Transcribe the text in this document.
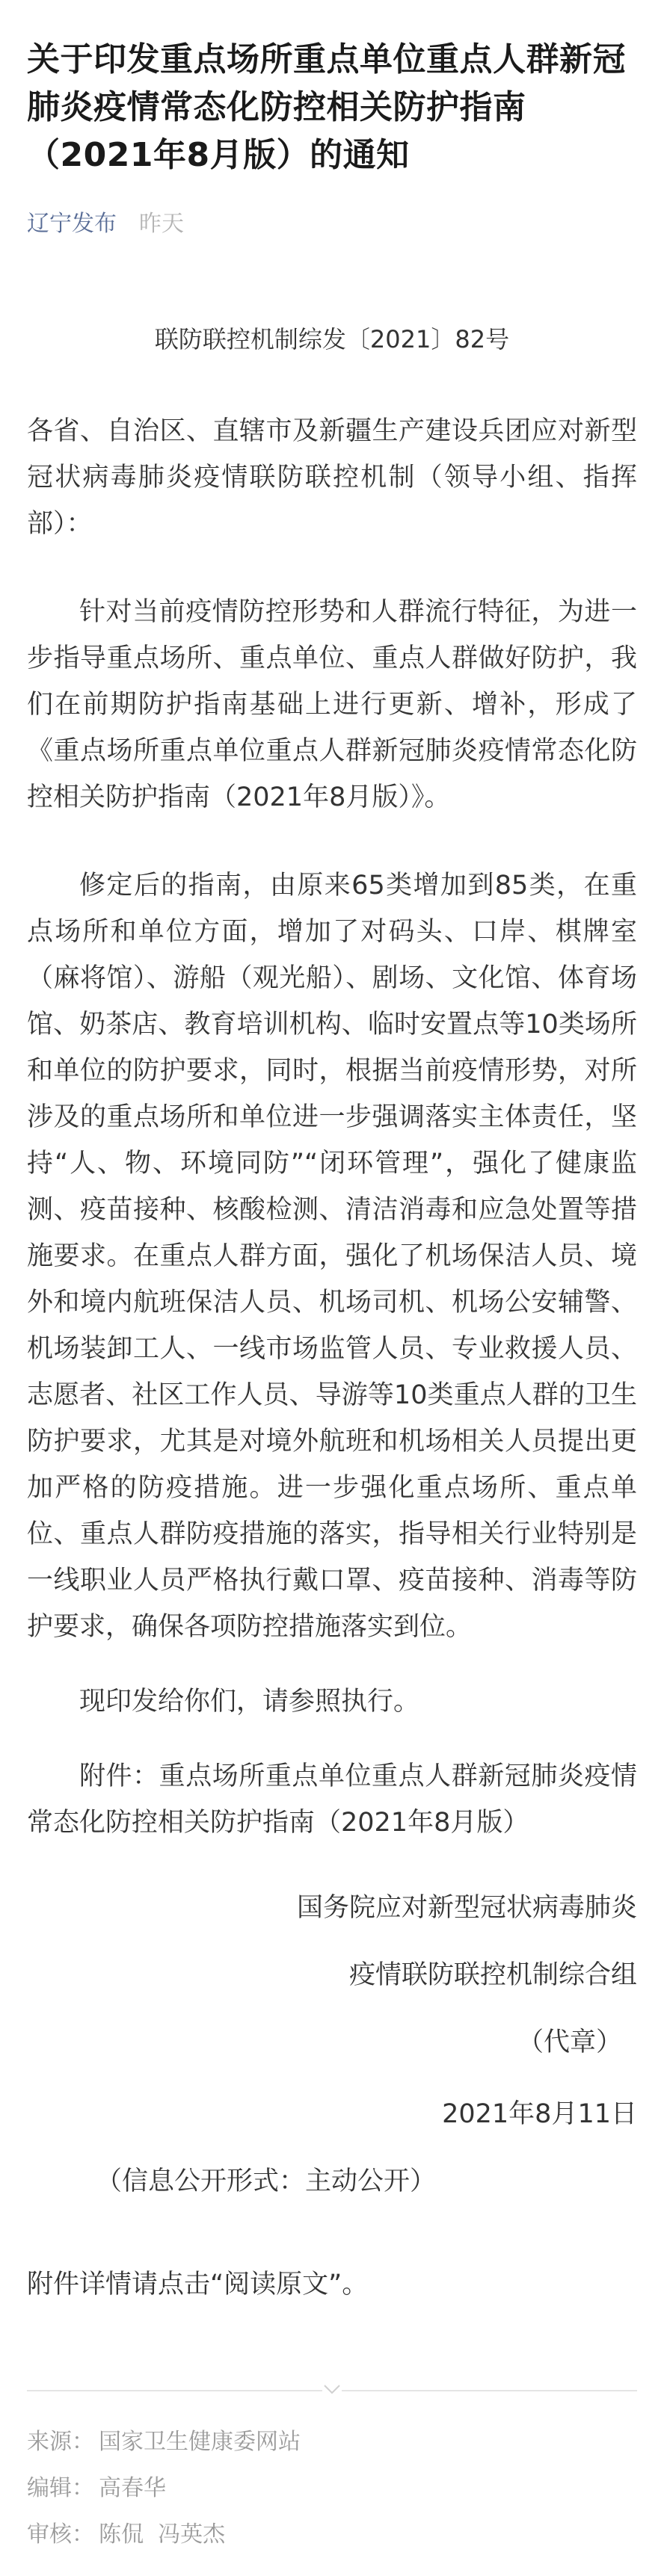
关于印发重点场所重点单位重点人群新冠肺炎疫情常态化防控相关防护指南（2021年8月版）的通知
辽宁发布 昨天
联防联控机制综发〔2021〕82号

各省、自治区、直辖市及新疆生产建设兵团应对新型冠状病毒肺炎疫情联防联控机制（领导小组、指挥部）：

针对当前疫情防控形势和人群流行特征，为进一步指导重点场所、重点单位、重点人群做好防护，我们在前期防护指南基础上进行更新、增补，形成了《重点场所重点单位重点人群新冠肺炎疫情常态化防控相关防护指南（2021年8月版）》。

修定后的指南，由原来65类增加到85类，在重点场所和单位方面，增加了对码头、口岸、棋牌室（麻将馆）、游船（观光船）、剧场、文化馆、体育场馆、奶茶店、教育培训机构、临时安置点等10类场所和单位的防护要求，同时，根据当前疫情形势，对所涉及的重点场所和单位进一步强调落实主体责任，坚持“人、物、环境同防”“闭环管理”，强化了健康监测、疫苗接种、核酸检测、清洁消毒和应急处置等措施要求。在重点人群方面，强化了机场保洁人员、境外和境内航班保洁人员、机场司机、机场公安辅警、机场装卸工人、一线市场监管人员、专业救援人员、志愿者、社区工作人员、导游等10类重点人群的卫生防护要求，尤其是对境外航班和机场相关人员提出更加严格的防疫措施。进一步强化重点场所、重点单位、重点人群防疫措施的落实，指导相关行业特别是一线职业人员严格执行戴口罩、疫苗接种、消毒等防护要求，确保各项防控措施落实到位。

现印发给你们，请参照执行。

附件：重点场所重点单位重点人群新冠肺炎疫情常态化防控相关防护指南（2021年8月版）

国务院应对新型冠状病毒肺炎

疫情联防联控机制综合组

（代章）

2021年8月11日

（信息公开形式：主动公开）
附件详情请点击“阅读原文”。
来源： 国家卫生健康委网站
编辑： 高春华
审核： 陈侃  冯英杰
